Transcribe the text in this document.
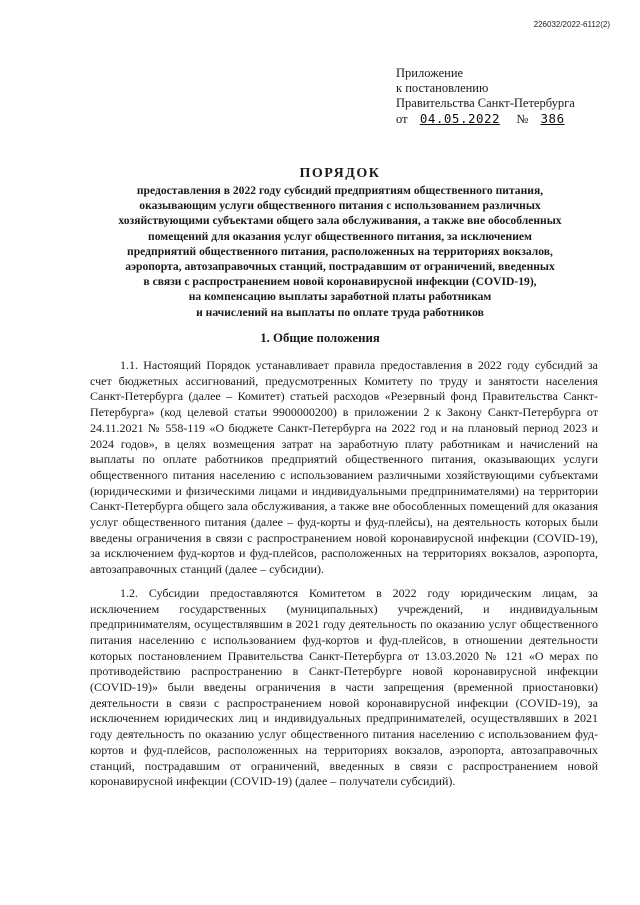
226032/2022-6112(2)
Приложение
к постановлению
Правительства Санкт-Петербурга
от 04.05.2022 № 386
ПОРЯДОК
предоставления в 2022 году субсидий предприятиям общественного питания,
оказывающим услуги общественного питания с использованием различных
хозяйствующими субъектами общего зала обслуживания, а также вне обособленных
помещений для оказания услуг общественного питания, за исключением
предприятий общественного питания, расположенных на территориях вокзалов,
аэропорта, автозаправочных станций, пострадавшим от ограничений, введенных
в связи с распространением новой коронавирусной инфекции (COVID-19),
на компенсацию выплаты заработной платы работникам
и начислений на выплаты по оплате труда работников
1. Общие положения

1.1. Настоящий Порядок устанавливает правила предоставления в 2022 году субсидий за счет бюджетных ассигнований, предусмотренных Комитету по труду и занятости населения Санкт-Петербурга (далее – Комитет) статьей расходов «Резервный фонд Правительства Санкт-Петербурга» (код целевой статьи 9900000200) в приложении 2 к Закону Санкт-Петербурга от 24.11.2021 № 558-119 «О бюджете Санкт-Петербурга на 2022 год и на плановый период 2023 и 2024 годов», в целях возмещения затрат на заработную плату работникам и начислений на выплаты по оплате работников предприятий общественного питания, оказывающих услуги общественного питания населению с использованием различными хозяйствующими субъектами (юридическими и физическими лицами и индивидуальными предпринимателями) на территории Санкт-Петербурга общего зала обслуживания, а также вне обособленных помещений для оказания услуг общественного питания (далее – фуд-корты и фуд-плейсы), на деятельность которых были введены ограничения в связи с распространением новой коронавирусной инфекции (COVID-19), за исключением фуд-кортов и фуд-плейсов, расположенных на территориях вокзалов, аэропорта, автозаправочных станций (далее – субсидии).

1.2. Субсидии предоставляются Комитетом в 2022 году юридическим лицам, за исключением государственных (муниципальных) учреждений, и индивидуальным предпринимателям, осуществлявшим в 2021 году деятельность по оказанию услуг общественного питания населению с использованием фуд-кортов и фуд-плейсов, в отношении деятельности которых постановлением Правительства Санкт-Петербурга от 13.03.2020 № 121 «О мерах по противодействию распространению в Санкт-Петербурге новой коронавирусной инфекции (COVID-19)» были введены ограничения в части запрещения (временной приостановки) деятельности в связи с распространением новой коронавирусной инфекции (COVID-19), за исключением юридических лиц и индивидуальных предпринимателей, осуществлявших в 2021 году деятельность по оказанию услуг общественного питания населению с использованием фуд-кортов и фуд-плейсов, расположенных на территориях вокзалов, аэропорта, автозаправочных станций, пострадавшим от ограничений, введенных в связи с распространением новой коронавирусной инфекции (COVID-19) (далее – получатели субсидий).
